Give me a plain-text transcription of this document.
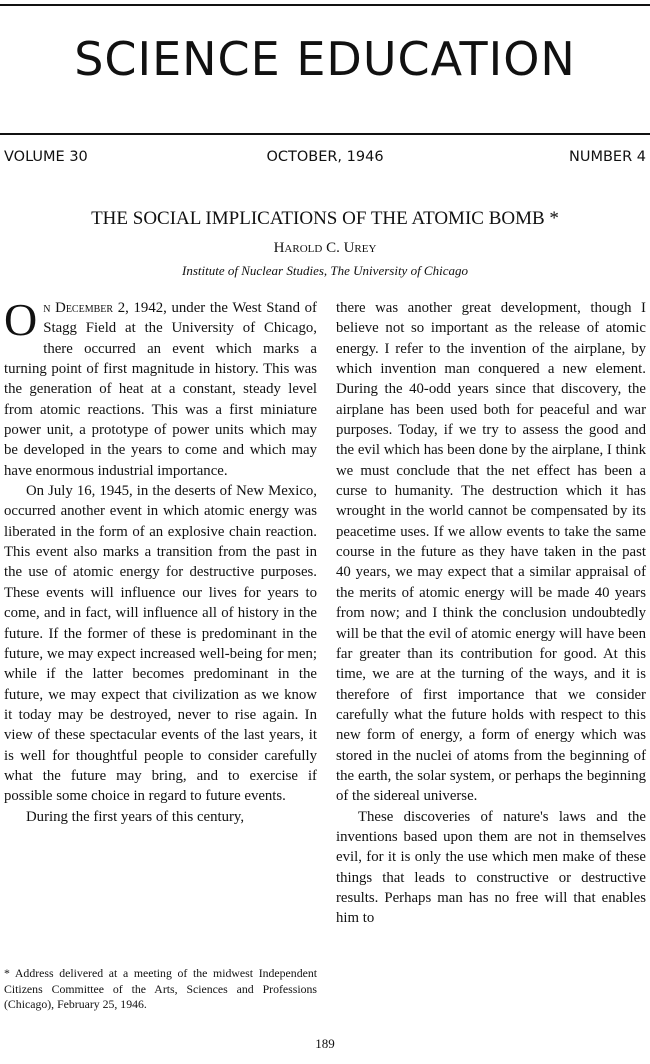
SCIENCE EDUCATION
VOLUME 30	OCTOBER, 1946	NUMBER 4
THE SOCIAL IMPLICATIONS OF THE ATOMIC BOMB *
Harold C. Urey
Institute of Nuclear Studies, The University of Chicago

On December 2, 1942, under the West Stand of Stagg Field at the University of Chicago, there occurred an event which marks a turning point of first magnitude in history. This was the generation of heat at a constant, steady level from atomic reactions. This was a first miniature power unit, a prototype of power units which may be developed in the years to come and which may have enormous industrial importance.

On July 16, 1945, in the deserts of New Mexico, occurred another event in which atomic energy was liberated in the form of an explosive chain reaction. This event also marks a transition from the past in the use of atomic energy for destructive purposes. These events will influence our lives for years to come, and in fact, will influence all of history in the future. If the former of these is predominant in the future, we may expect increased well-being for men; while if the latter becomes predominant in the future, we may expect that civilization as we know it today may be destroyed, never to rise again. In view of these spectacular events of the last years, it is well for thoughtful people to consider carefully what the future may bring, and to exercise if possible some choice in regard to future events.

During the first years of this century,

there was another great development, though I believe not so important as the release of atomic energy. I refer to the invention of the airplane, by which invention man conquered a new element. During the 40-odd years since that discovery, the airplane has been used both for peaceful and war purposes. Today, if we try to assess the good and the evil which has been done by the airplane, I think we must conclude that the net effect has been a curse to humanity. The destruction which it has wrought in the world cannot be compensated by its peacetime uses. If we allow events to take the same course in the future as they have taken in the past 40 years, we may expect that a similar appraisal of the merits of atomic energy will be made 40 years from now; and I think the conclusion undoubtedly will be that the evil of atomic energy will have been far greater than its contribution for good. At this time, we are at the turning of the ways, and it is therefore of first importance that we consider carefully what the future holds with respect to this new form of energy, a form of energy which was stored in the nuclei of atoms from the beginning of the earth, the solar system, or perhaps the beginning of the sidereal universe.

These discoveries of nature's laws and the inventions based upon them are not in themselves evil, for it is only the use which men make of these things that leads to constructive or destructive results. Perhaps man has no free will that enables him to

* Address delivered at a meeting of the midwest Independent Citizens Committee of the Arts, Sciences and Professions (Chicago), February 25, 1946.
189
